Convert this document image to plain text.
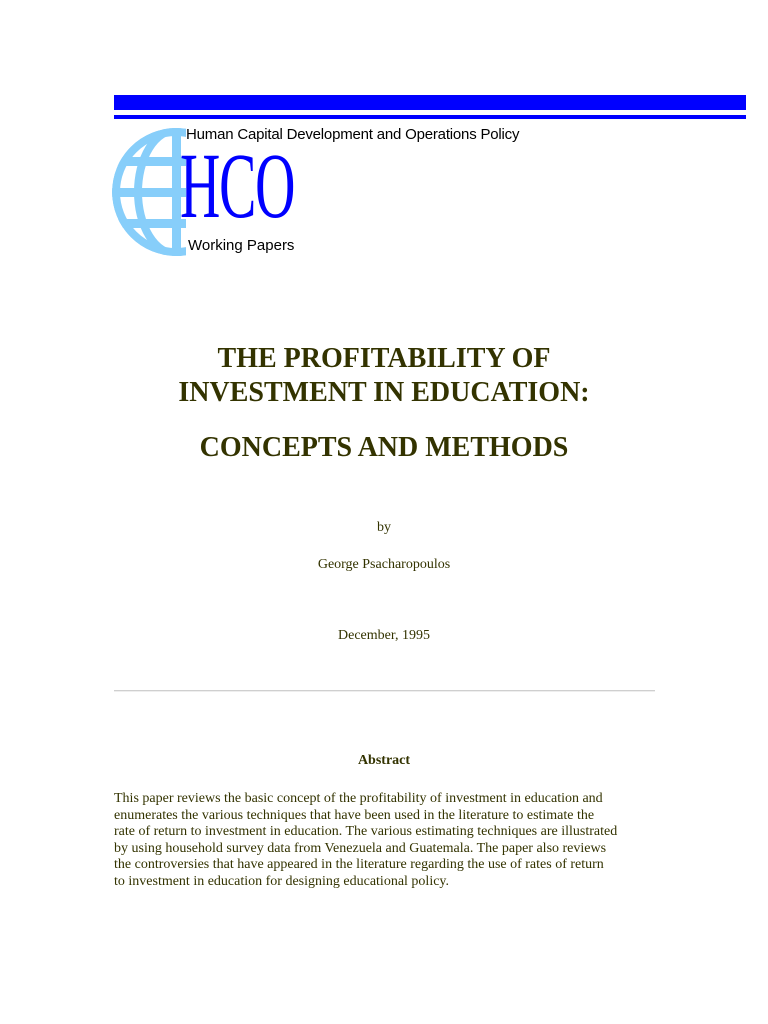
Human Capital Development and Operations Policy
HCO
Working Papers
THE PROFITABILITY OF
INVESTMENT IN EDUCATION:
CONCEPTS AND METHODS
by
George Psacharopoulos
December, 1995
Abstract
This paper reviews the basic concept of the profitability of investment in education and
enumerates the various techniques that have been used in the literature to estimate the
rate of return to investment in education. The various estimating techniques are illustrated
by using household survey data from Venezuela and Guatemala. The paper also reviews
the controversies that have appeared in the literature regarding the use of rates of return
to investment in education for designing educational policy.
